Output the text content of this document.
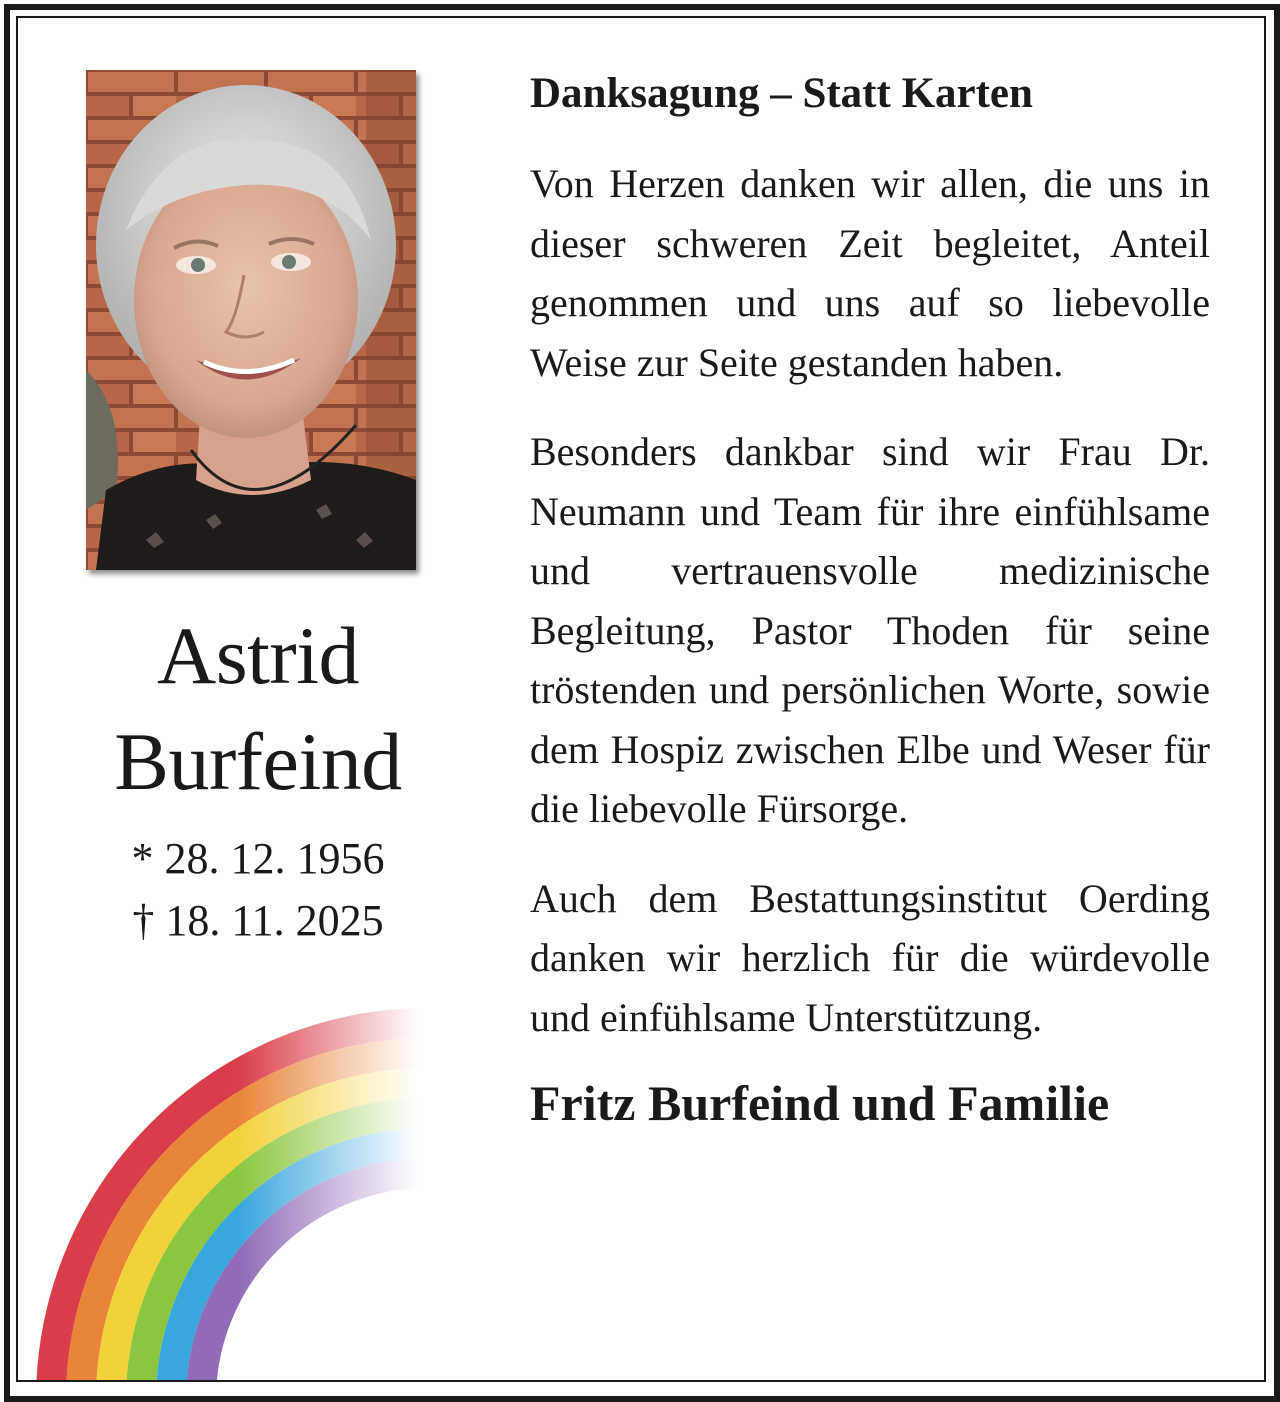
Astrid
Burfeind
* 28. 12. 1956
† 18. 11. 2025
Danksagung – Statt Karten

Von Herzen danken wir allen, die uns in dieser schweren Zeit begleitet, Anteil genommen und uns auf so liebevolle Weise zur Seite gestanden haben.

Besonders dankbar sind wir Frau Dr. Neumann und Team für ihre einfühlsame und vertrauensvolle medizinische Begleitung, Pastor Thoden für seine tröstenden und persönlichen Worte, sowie dem Hospiz zwischen Elbe und Weser für die liebevolle Fürsorge.

Auch dem Bestattungsinstitut Oerding danken wir herzlich für die würdevolle und einfühlsame Unterstützung.

Fritz Burfeind und Familie
